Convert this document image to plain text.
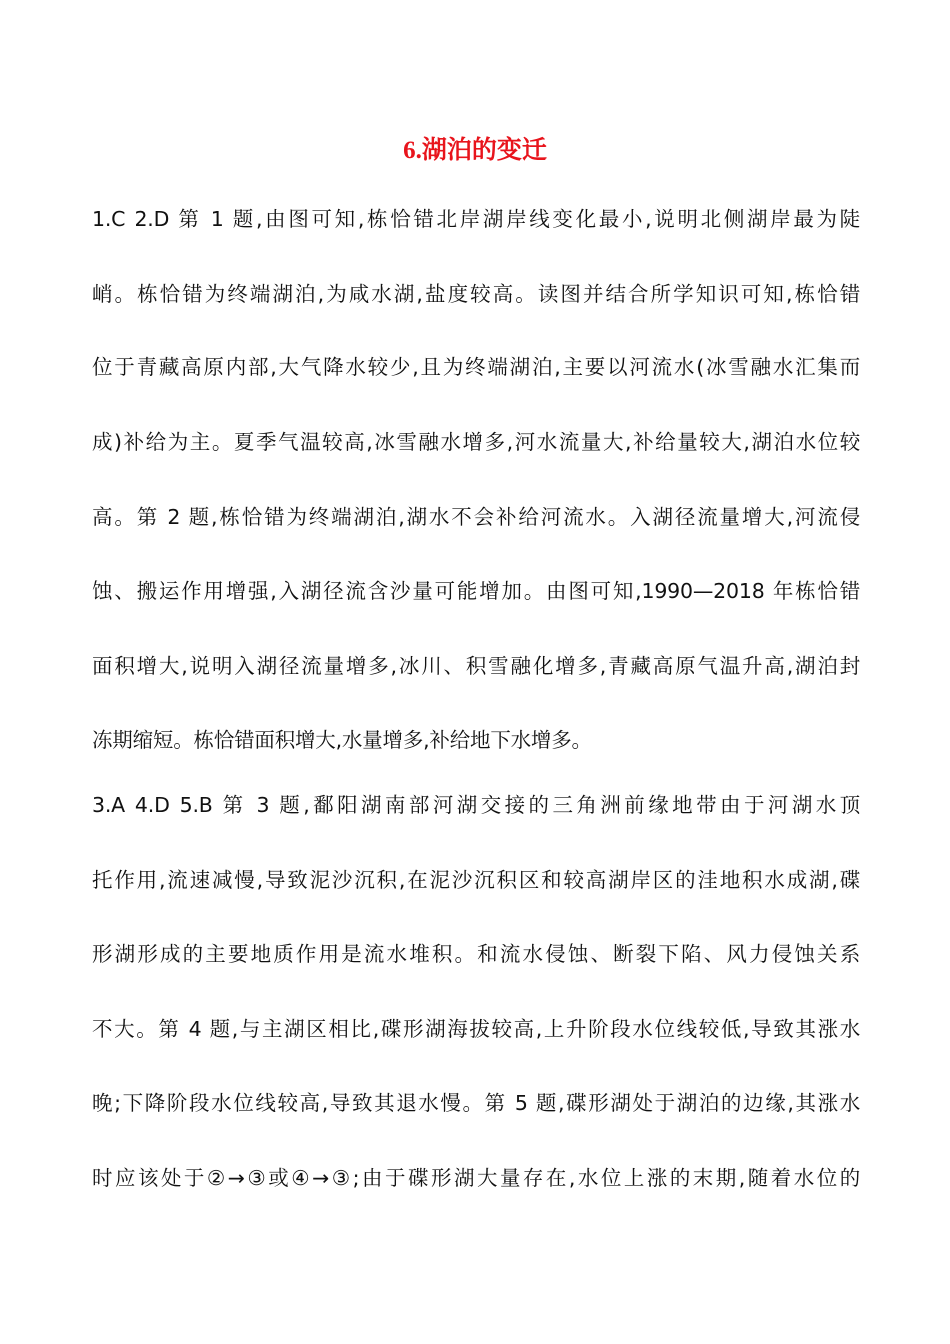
6.湖泊的变迁
1.C 2.D 第 1 题,由图可知,栋恰错北岸湖岸线变化最小,说明北侧湖岸最为陡
峭。栋恰错为终端湖泊,为咸水湖,盐度较高。读图并结合所学知识可知,栋恰错
位于青藏高原内部,大气降水较少,且为终端湖泊,主要以河流水(冰雪融水汇集而
成)补给为主。夏季气温较高,冰雪融水增多,河水流量大,补给量较大,湖泊水位较
高。第 2 题,栋恰错为终端湖泊,湖水不会补给河流水。入湖径流量增大,河流侵
蚀、搬运作用增强,入湖径流含沙量可能增加。由图可知,1990—2018 年栋恰错
面积增大,说明入湖径流量增多,冰川、积雪融化增多,青藏高原气温升高,湖泊封
冻期缩短。栋恰错面积增大,水量增多,补给地下水增多。
3.A 4.D 5.B 第 3 题,鄱阳湖南部河湖交接的三角洲前缘地带由于河湖水顶
托作用,流速减慢,导致泥沙沉积,在泥沙沉积区和较高湖岸区的洼地积水成湖,碟
形湖形成的主要地质作用是流水堆积。和流水侵蚀、断裂下陷、风力侵蚀关系
不大。第 4 题,与主湖区相比,碟形湖海拔较高,上升阶段水位线较低,导致其涨水
晚;下降阶段水位线较高,导致其退水慢。第 5 题,碟形湖处于湖泊的边缘,其涨水
时应该处于②→③或④→③;由于碟形湖大量存在,水位上涨的末期,随着水位的
